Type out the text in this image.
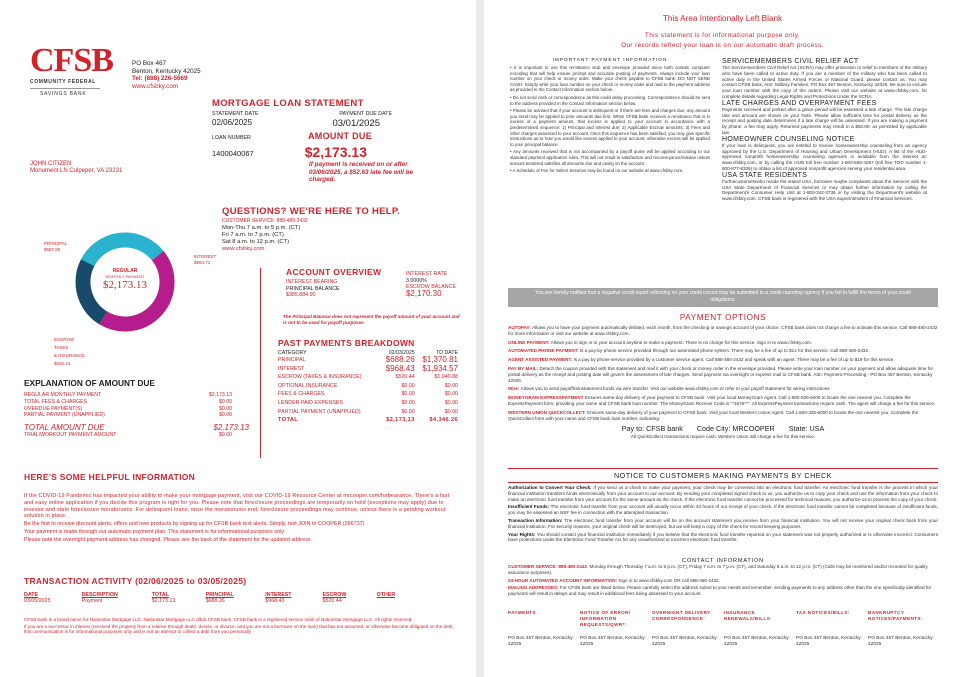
CFSB
COMMUNITY FEDERAL
SAVINGS BANK
PO Box 467
Benton, Kentucky 42025
Tel: (888) 226-5669
www.cfsbky.com
MORTGAGE LOAN STATEMENT
STATEMENT DATE	PAYMENT DUE DATE
02/06/2025	03/01/2025
LOAN NUMBER	AMOUNT DUE
1400040067	$2,173.13
If payment is received on or after 03/06/2025, a $52.63 late fee will be charged.
JOHN CITIZEN
Monument LN Culpeper, VA 23231
QUESTIONS? WE'RE HERE TO HELP.
CUSTOMER SERVICE: 888-480-2432
Mon-Thu 7 a.m. to 5 p.m. (CT)
Fri 7 a.m. to 7 p.m. (CT)
Sat 8 a.m. to 12 p.m. (CT)
www.cfsbky.com
REGULAR
MONTHLY PAYMENT
$2,173.13
PRINCIPAL
$687.80
INTEREST
$964.71
ESCROW
TAXES
& INSURANCE
$520.44
ACCOUNT OVERVIEW
INTEREST BEARING
PRINCIPAL BALANCE
$385,884.90
INTEREST RATE
3.0000%
ESCROW BALANCE
$2,170.30
The Principal Balance does not represent the payoff amount of your account and is not to be used for payoff purposes
PAST PAYMENTS BREAKDOWN
CATEGORY	02/03/2025	TO DATE
PRINCIPAL	$688.26	$1,370.81
INTEREST	$968.43	$1,934.57
ESCROW (TAXES & INSURANCE)	$520.44	$1,040.88
OPTIONAL INSURANCE	$0.00	$0.00
FEES & CHARGES	$0.00	$0.00
LENDER PAID EXPENSES	$0.00	$0.00
PARTIAL PAYMENT (UNAPPLIED)	$0.00	$0.00
TOTAL	$2,173.13	$4,346.26
EXPLANATION OF AMOUNT DUE
REGULAR MONTHLY PAYMENT	$2,173.13
TOTAL FEES & CHARGES	$0.00
OVERDUE PAYMENT(S)	$0.00
PARTIAL PAYMENT (UNAPPLIED)	$0.00
TOTAL AMOUNT DUE	$2,173.13
TRIAL/WORKOUT PAYMENT AMOUNT	$0.00
HERE'S SOME HELPFUL INFORMATION
If the COVID-19 Pandemic has impacted your ability to make your mortgage payment, visit our COVID-19 Resource Center at mrcooper.com/forbearance. There's a fast and easy online application if you decide this program is right for you. Please note that foreclosure proceedings are temporarily on hold (exceptions may apply) due to investor and state foreclosure moratoriums. For delinquent loans, once the moratoriums end, foreclosure proceedings may continue, unless there is a pending workout solution in place.
Be the first to receive discount alerts, offers and new products by signing up for CFSB bank text alerts. Simply, text JOIN to COOPER (266737)
Your payment is made through our automatic payment plan. This statement is for informational purposes only.
Please note the overnight payment address has changed. Please see the back of the statement for the updated address.
TRANSACTION ACTIVITY (02/06/2025 to 03/05/2025)
DATE	DESCRIPTION	TOTAL	PRINCIPAL	INTEREST	ESCROW	OTHER
03/05/2025	Payment	$2,173.13	$688.26	$968.43	$520.44	
CFSB bank is a brand name for Nationstar Mortgage LLC. Nationstar Mortgage LLC d/b/a CFSB bank. CFSB bank is a registered service mark of Nationstar Mortgage LLC. All rights reserved.
If you are a successor in interest (received the property from a relative through death, devise, or divorce, and you are not a borrower on the loan) that has not assumed, or otherwise become obligated on the debt, this communication is for informational purposes only and is not an attempt to collect a debt from you personally.
This Area Intentionally Left Blank
This statement is for informational purpose only.
Our records reflect your loan is on our automatic draft process.
IMPORTANT PAYMENT INFORMATION
• It is important to use this remittance stub and envelope provided since both contain computer encoding that will help ensure prompt and accurate posting of payments. Always include your loan number on your check or money order. Make your check payable to CFSB bank. DO NOT SEND CASH. Simply write your loan number on your check or money order and mail to the payment address as provided in the Contact Information section below.
• Do not send cash or correspondence as this could delay processing. Correspondence should be sent to the address provided in the Contact Information section below.
• Please be advised that if your account is delinquent or if there are fees and charges due, any amount you send may be applied to prior amounts due first. When CFSB bank receives a remittance that is in excess of a payment amount, that excess is applied to your account in accordance with a predetermined sequence: 1) Principal and Interest due; 2) Applicable Escrow amounts; 3) Fees and other charges assessed to your account. Once this sequence has been satisfied, you may give specific instructions as to how you would like excess applied to your account; otherwise excess will be applied to your principal balance.
• Any amounts received that is not accompanied by a payoff quote will be applied according to our standard payment application rules. This will not result in satisfaction and reconveyance/release unless amount tendered satisfies all amounts due and owing on the account.
• A Schedule of Fee for Select Services may be found on our website at www.cfsbky.com.
SERVICEMEMBERS CIVIL RELIEF ACT
The Servicemembers Civil Relief Act (SCRA) may offer protection or relief to members of the military who have been called to active duty. If you are a member of the military who has been called to active duty in the United States Armed Forces or National Guard, please contact us. You may contact CFSB bank, Attn: Military Families, PO Box 467 Benton, Kentucky 42025. Be sure to include your loan number with the copy of the orders. Please visit our website at www.cfsbky.com, for complete details regarding Legal Rights and Protections Under the SCRA.
LATE CHARGES AND OVERPAYMENT FEES
Payments received and posted after a grace period will be assessed a late charge. The late charge rate and amount are shown on your Note. Please allow sufficient time for postal delivery as the receipt and posting date determines if a late charge will be assessed. If you are making a payment by phone, a fee may apply. Returned payments may result in a $50.00, as permitted by applicable law.
HOMEOWNER COUNSELING NOTICE
If your loan is delinquent, you are entitled to receive homeownership counseling from an agency approved by the U.S. Department of Housing and Urban Development (HUD). A list of the HUD-approved nonprofit homeownership counseling agencies is available from the Internet at: www.cfsbky.com, or by calling the HUD toll free number 1-800-569-4287 (toll free TDD number 1-800-877-8339) to obtain a list of approved nonprofit agencies serving your residential area.
USA STATE RESIDENTS
Forthecustomerswho reside the stated USA, borrower maybe complaints about the Servicer with the USA State Department of Financial Services or may obtain further information by calling the Department's Consumer Help Unit at 1-800-342-3736 or by visiting the Department's website at www.cfsbky.com. CFSB bank is registered with the USA Superintendent of Financial Services.
You are hereby notified that a negative credit report reflecting on your credit record may be submitted to a credit reporting agency if you fail to fulfill the terms of your credit obligations.
PAYMENT OPTIONS
AUTOPAY: Allows you to have your payment automatically debited, each month, from the checking or savings account of your choice. CFSB bank does not charge a fee to activate this service. Call 888-480-2432 for more information or visit our website at www.cfsbky.com.
ONLINE PAYMENT: Allows you to sign in to your account anytime to make a payment. There is no charge for this service. Sign in to www.cfsbky.com.
AUTOMATED PHONE PAYMENT: Is a pay-by-phone service provided through our automated phone system. There may be a fee of up to $14 for this service. Call 888-480-2432.
AGENT ASSISTED PAYMENT: Is a pay by phone service provided by a customer service agent. Call 888-480-2432 and speak with an agent. There may be a fee of up to $19 for this service.
PAY BY MAIL: Detach the coupon provided with this statement and mail it with your check or money order in the envelope provided. Please write your loan number on your payment and allow adequate time for postal delivery as the receipt and posting date will govern the assessment of late charges. Send payment via overnight or express mail to CFSB bank, Attn: Payment Processing - PO Box 467 Benton, Kentucky 42025.
Wire: Allows you to send payoff/reinstatement funds via wire transfer. Visit our website www.cfsbky.com or refer to your payoff statement for wiring instructions.
MONEYGRAM EXPRESSPAYMENT Ensures same-day delivery of your payment to CFSB bank. Visit your local MoneyGram Agent. Call 1-800-926-9400 to locate the one nearest you. Complete the ExpressPayment form, providing your name and CFSB bank loan number. The MoneyGram Receive Code is "*1676**". All ExpressPayment transactions require cash. The agent will charge a fee for this service.
WESTERN UNION QUICKCOLLECT: Ensures same-day delivery of your payment to CFSB bank. Visit your local Western Union Agent. Call 1-800-325-6000 to locate the one nearest you. Complete the QuickCollect form with your name and CFSB bank loan number, indicating:
Pay to: CFSB bank Code City: MRCOOPER State: USA
All QuickCollect transactions require cash. Western Union will charge a fee for this service.
NOTICE TO CUSTOMERS MAKING PAYMENTS BY CHECK
Authorization to Convert Your Check: If you send us a check to make your payment, your check may be converted into an electronic fund transfer. An electronic fund transfer is the process in which your financial institution transfers funds electronically from your account to our account. By sending your completed signed check to us, you authorize us to copy your check and use the information from your check to make an electronic fund transfer from your account for the same amount as the check. If the electronic fund transfer cannot be processed for technical reasons, you authorize us to process the copy of your check.
Insufficient Funds: The electronic fund transfer from your account will usually occur within 24 hours of our receipt of your check. If the electronic fund transfer cannot be completed because of insufficient funds, you may be assessed an NSF fee in connection with the attempted transaction.
Transaction Information: The electronic fund transfer from your account will be on the account statement you receive from your financial institution. You will not receive your original check back from your financial institution. For security reasons, your original check will be destroyed, but we will keep a copy of the check for record keeping purposes.
Your Rights: You should contact your financial institution immediately if you believe that the electronic fund transfer reported on your statement was not properly authorized or is otherwise incorrect. Consumers have protections under the Electronic Fund Transfer Act for any unauthorized or incorrect electronic fund transfer.
CONTACT INFORMATION
CUSTOMER SERVICE: 888-480-2432, Monday through Thursday 7 a.m. to 5 p.m. (CT), Friday 7 a.m. to 7 p.m. (CT), and Saturday 8 a.m. to 12 p.m. (CT) (Calls may be monitored and/or recorded for quality assurance purposes).
24-HOUR AUTOMATED ACCOUNT INFORMATION: Sign in to www.cfsbky.com OR call 888-480-2432.
MAILING ADDRESSES: For CFSB bank are listed below. Please carefully select the address suited to your needs and remember, sending payments to any address other than the one specifically identified for payments will result in delays and may result in additional fees being assessed to your account.
PAYMENTS
PO Box 467 Benton, Kentucky 42025
NOTICE OF ERROR/ INFORMATION REQUESTS/QWR*:
PO Box 467 Benton, Kentucky 42025
OVERNIGHT DELIVERY CORRESPONDENCE:
PO Box 467 Benton, Kentucky 42025
INSURANCE RENEWALS/BILLS:
PO Box 467 Benton, Kentucky 42025
TAX NOTICES/BILLS:
PO Box 467 Benton, Kentucky 42025
BANKRUPTCY NOTICES/PAYMENTS:
PO Box 467 Benton, Kentucky 42025
